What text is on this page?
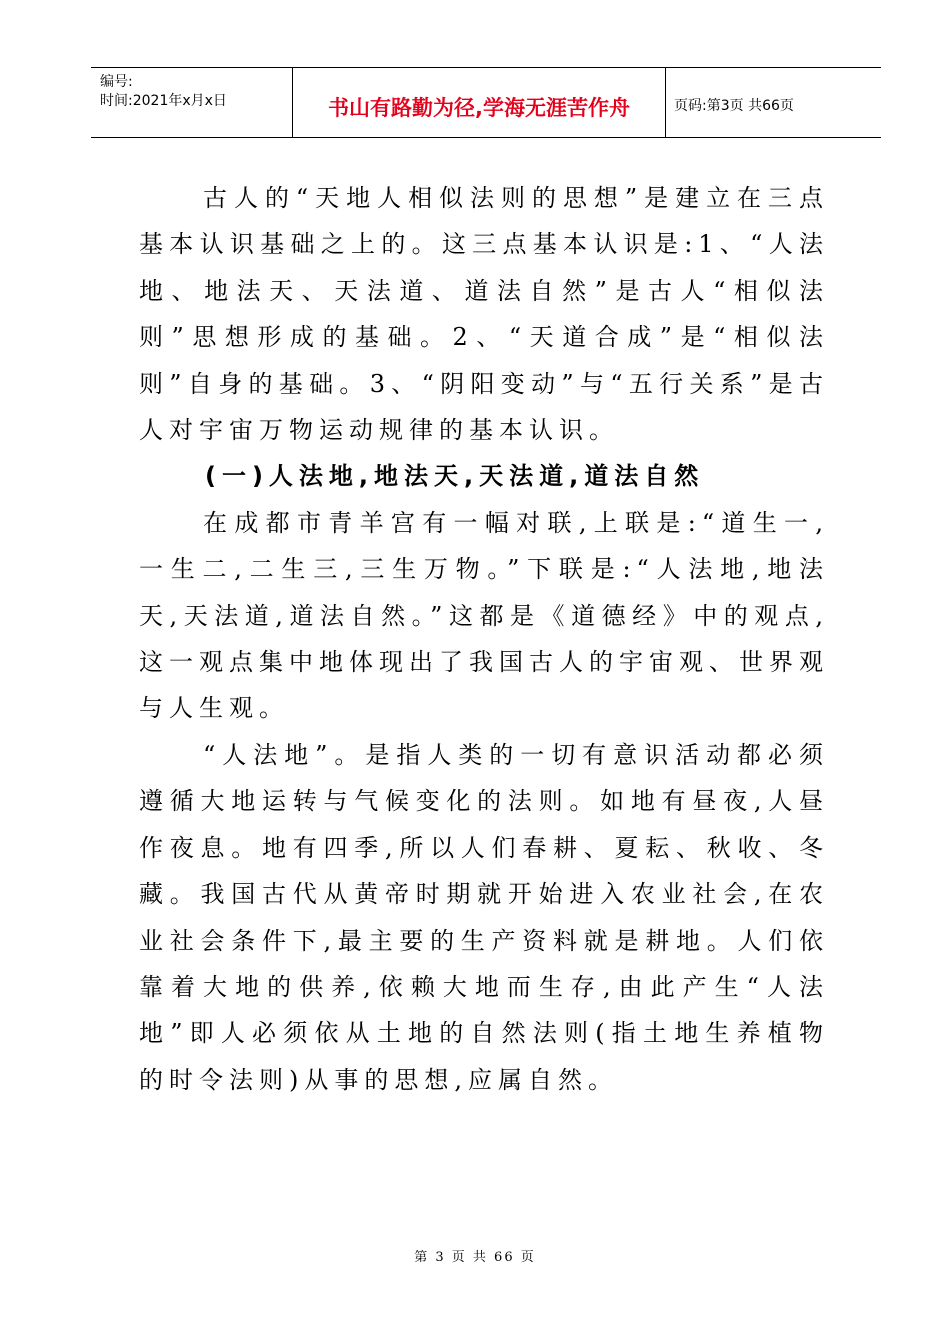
编号:
时间:2021年x月x日	书山有路勤为径,学海无涯苦作舟	页码:第3页 共66页

古人的“天地人相似法则的思想”是建立在三点基本认识基础之上的。这三点基本认识是:1、“人法地、地法天、天法道、道法自然”是古人“相似法则”思想形成的基础。2、“天道合成”是“相似法则”自身的基础。3、“阴阳变动”与“五行关系”是古人对宇宙万物运动规律的基本认识。

(一)人法地,地法天,天法道,道法自然

在成都市青羊宫有一幅对联,上联是:“道生一,一生二,二生三,三生万物。”下联是:“人法地,地法天,天法道,道法自然。”这都是《道德经》中的观点,这一观点集中地体现出了我国古人的宇宙观、世界观与人生观。

“人法地”。是指人类的一切有意识活动都必须遵循大地运转与气候变化的法则。如地有昼夜,人昼作夜息。地有四季,所以人们春耕、夏耘、秋收、冬藏。我国古代从黄帝时期就开始进入农业社会,在农业社会条件下,最主要的生产资料就是耕地。人们依靠着大地的供养,依赖大地而生存,由此产生“人法地”即人必须依从土地的自然法则(指土地生养植物的时令法则)从事的思想,应属自然。

第 3 页 共 66 页
